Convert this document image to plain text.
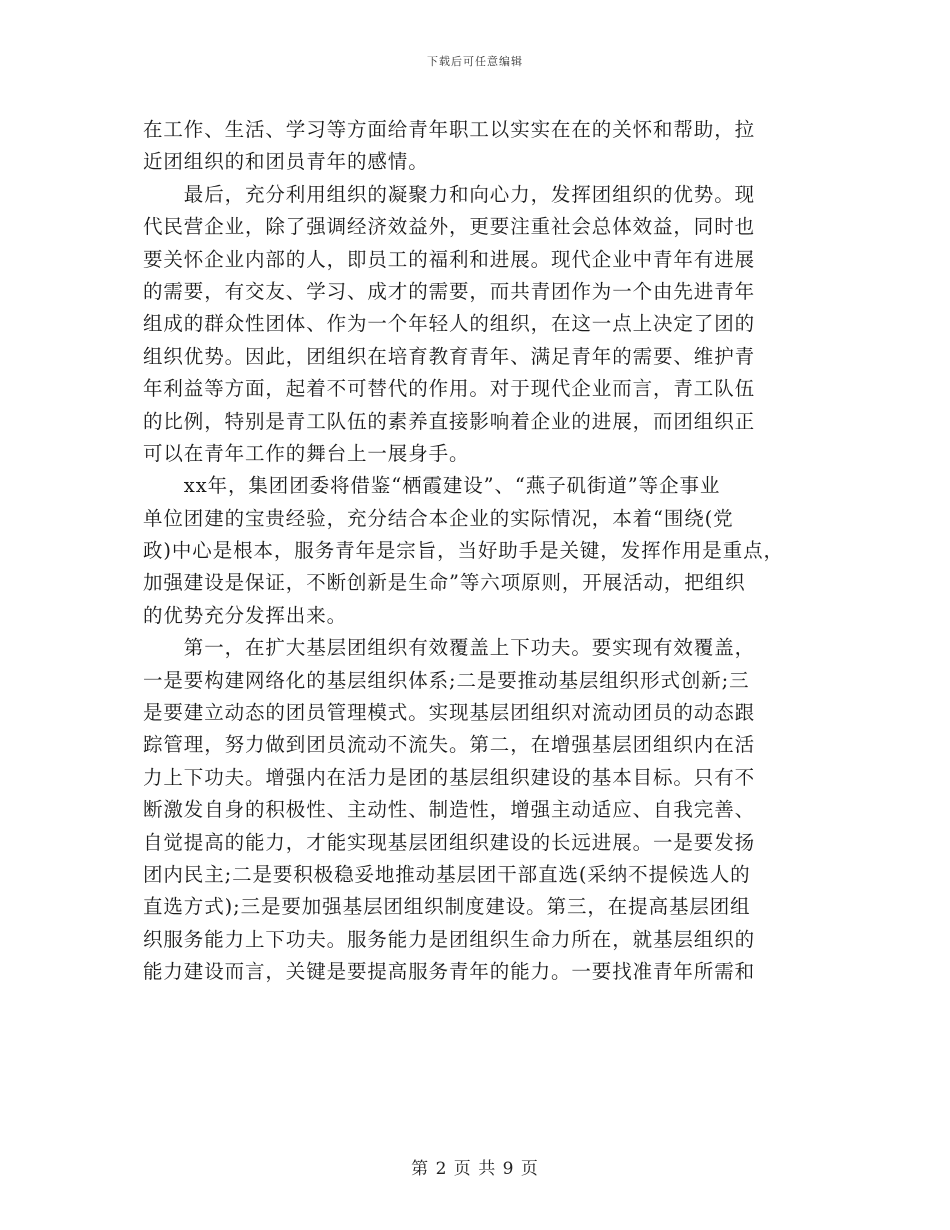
下载后可任意编辑
在工作、生活、学习等方面给青年职工以实实在在的关怀和帮助，拉
近团组织的和团员青年的感情。
　　最后，充分利用组织的凝聚力和向心力，发挥团组织的优势。现
代民营企业，除了强调经济效益外，更要注重社会总体效益，同时也
要关怀企业内部的人，即员工的福利和进展。现代企业中青年有进展
的需要，有交友、学习、成才的需要，而共青团作为一个由先进青年
组成的群众性团体、作为一个年轻人的组织，在这一点上决定了团的
组织优势。因此，团组织在培育教育青年、满足青年的需要、维护青
年利益等方面，起着不可替代的作用。对于现代企业而言，青工队伍
的比例，特别是青工队伍的素养直接影响着企业的进展，而团组织正
可以在青年工作的舞台上一展身手。
　　xx年，集团团委将借鉴“栖霞建设”、“燕子矶街道”等企事业
单位团建的宝贵经验，充分结合本企业的实际情况，本着“围绕(党
政)中心是根本，服务青年是宗旨，当好助手是关键，发挥作用是重点，
加强建设是保证，不断创新是生命”等六项原则，开展活动，把组织
的优势充分发挥出来。
　　第一，在扩大基层团组织有效覆盖上下功夫。要实现有效覆盖，
一是要构建网络化的基层组织体系;二是要推动基层组织形式创新;三
是要建立动态的团员管理模式。实现基层团组织对流动团员的动态跟
踪管理，努力做到团员流动不流失。第二，在增强基层团组织内在活
力上下功夫。增强内在活力是团的基层组织建设的基本目标。只有不
断激发自身的积极性、主动性、制造性，增强主动适应、自我完善、
自觉提高的能力，才能实现基层团组织建设的长远进展。一是要发扬
团内民主;二是要积极稳妥地推动基层团干部直选(采纳不提候选人的
直选方式);三是要加强基层团组织制度建设。第三，在提高基层团组
织服务能力上下功夫。服务能力是团组织生命力所在，就基层组织的
能力建设而言，关键是要提高服务青年的能力。一要找准青年所需和
第 2 页 共 9 页
